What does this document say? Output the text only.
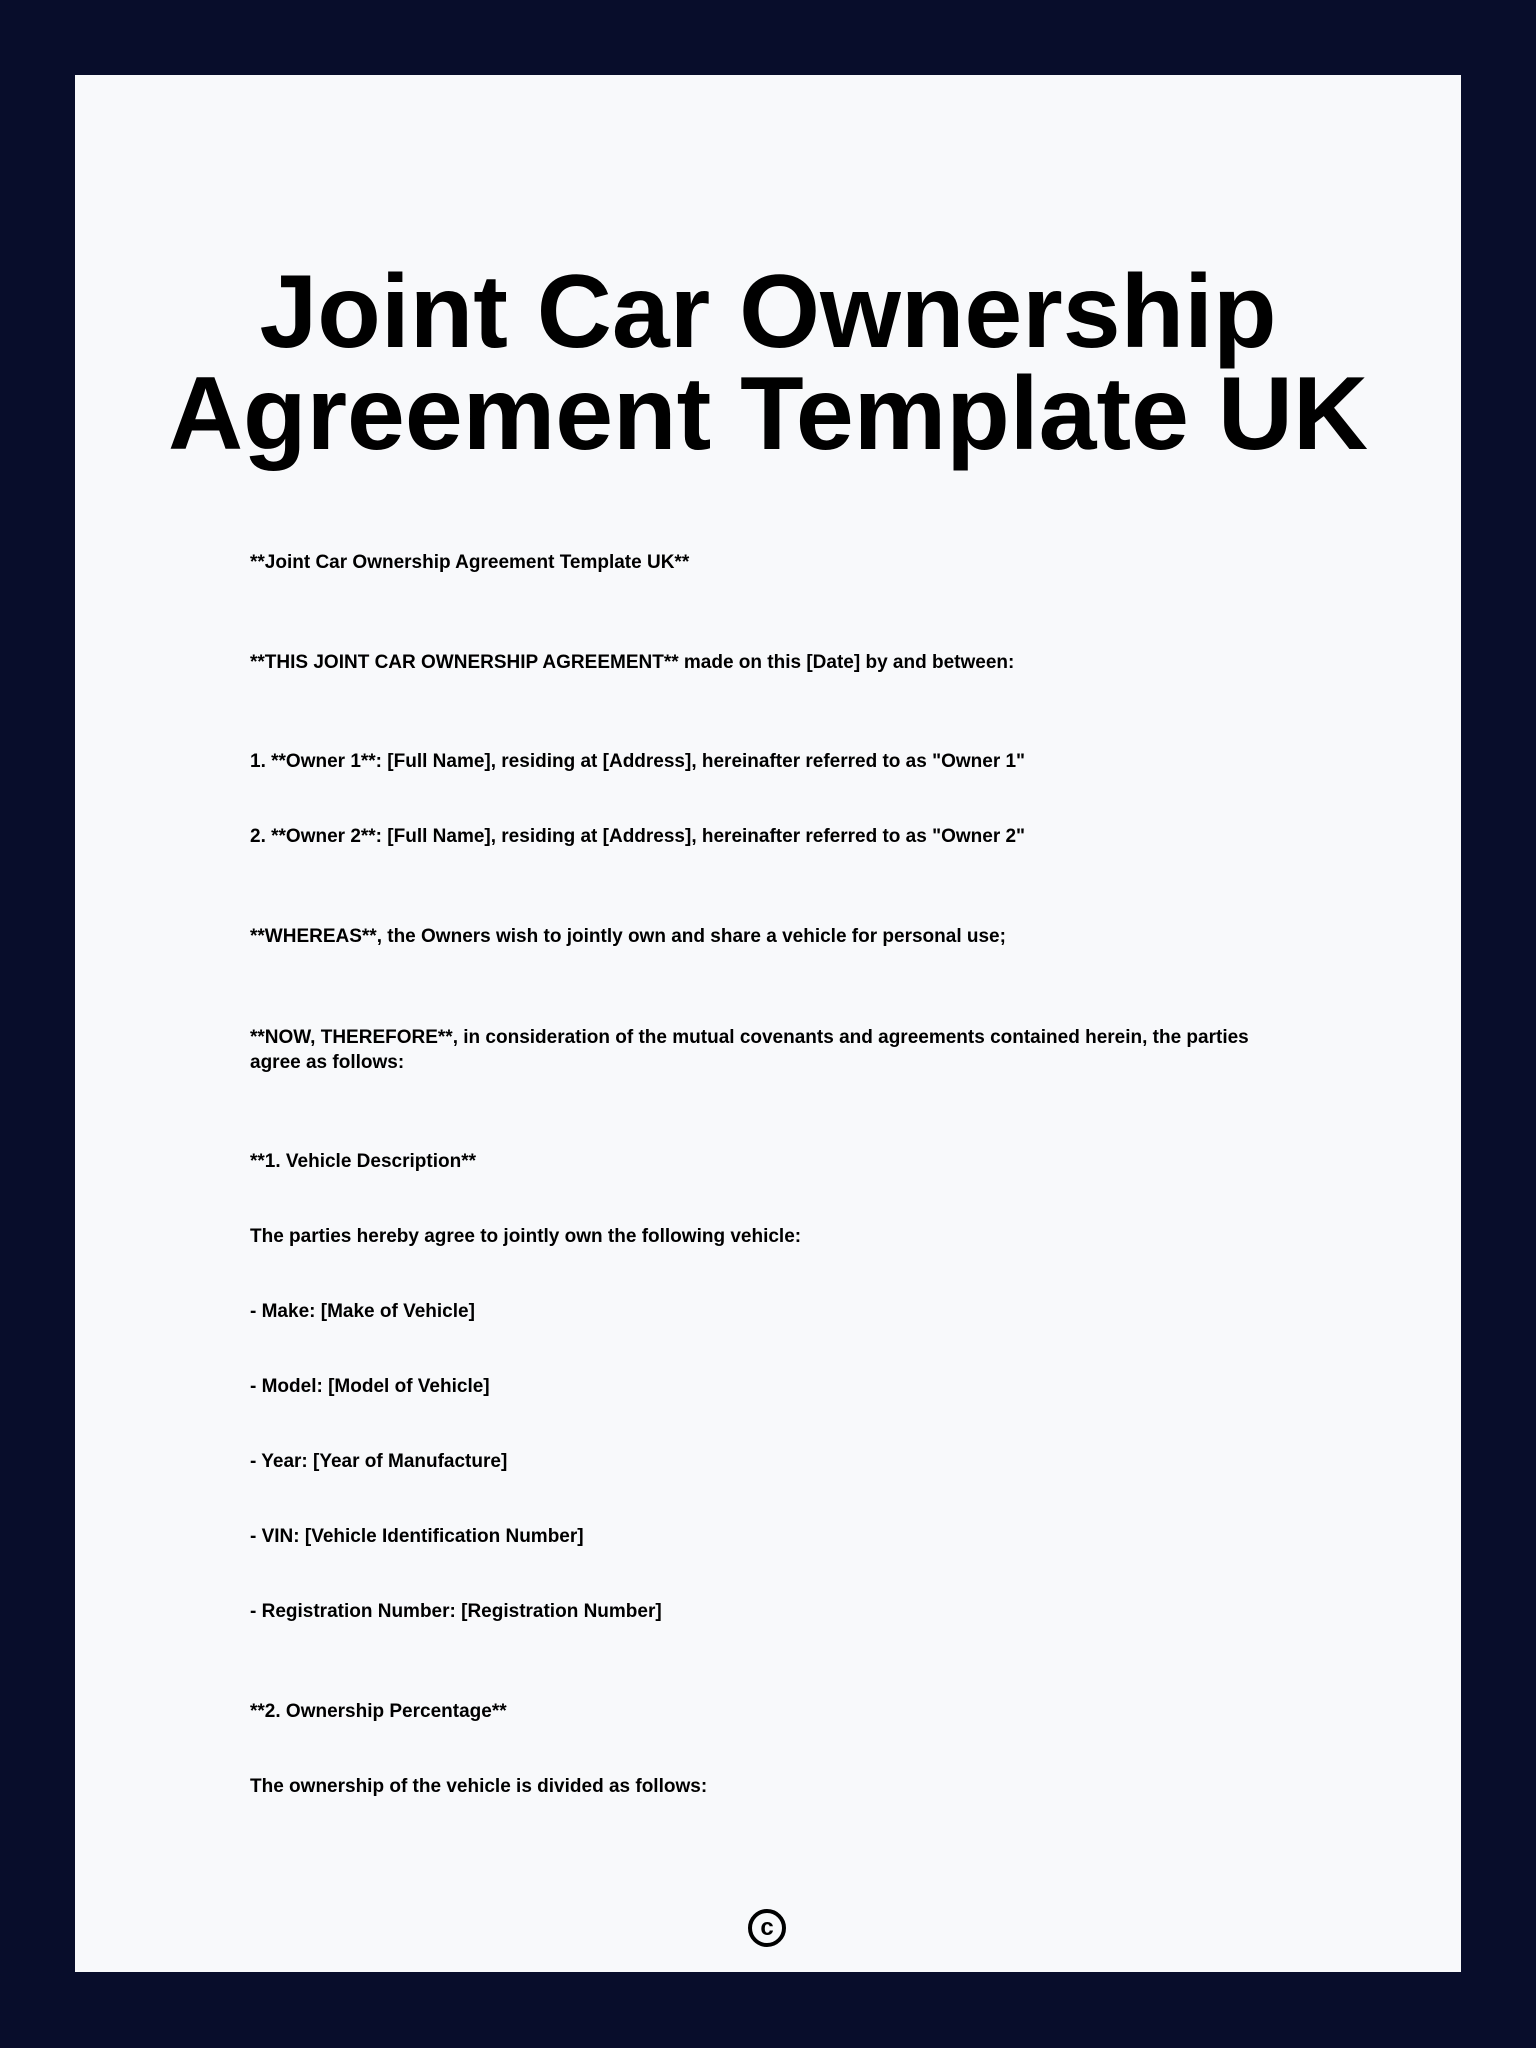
Joint Car Ownership
Agreement Template UK

**Joint Car Ownership Agreement Template UK**

**THIS JOINT CAR OWNERSHIP AGREEMENT** made on this [Date] by and between:

1. **Owner 1**: [Full Name], residing at [Address], hereinafter referred to as "Owner 1"

2. **Owner 2**: [Full Name], residing at [Address], hereinafter referred to as "Owner 2"

**WHEREAS**, the Owners wish to jointly own and share a vehicle for personal use;

**NOW, THEREFORE**, in consideration of the mutual covenants and agreements contained herein, the parties agree as follows:

**1. Vehicle Description**

The parties hereby agree to jointly own the following vehicle:

- Make: [Make of Vehicle]

- Model: [Model of Vehicle]

- Year: [Year of Manufacture]

- VIN: [Vehicle Identification Number]

- Registration Number: [Registration Number]

**2. Ownership Percentage**

The ownership of the vehicle is divided as follows:

c
